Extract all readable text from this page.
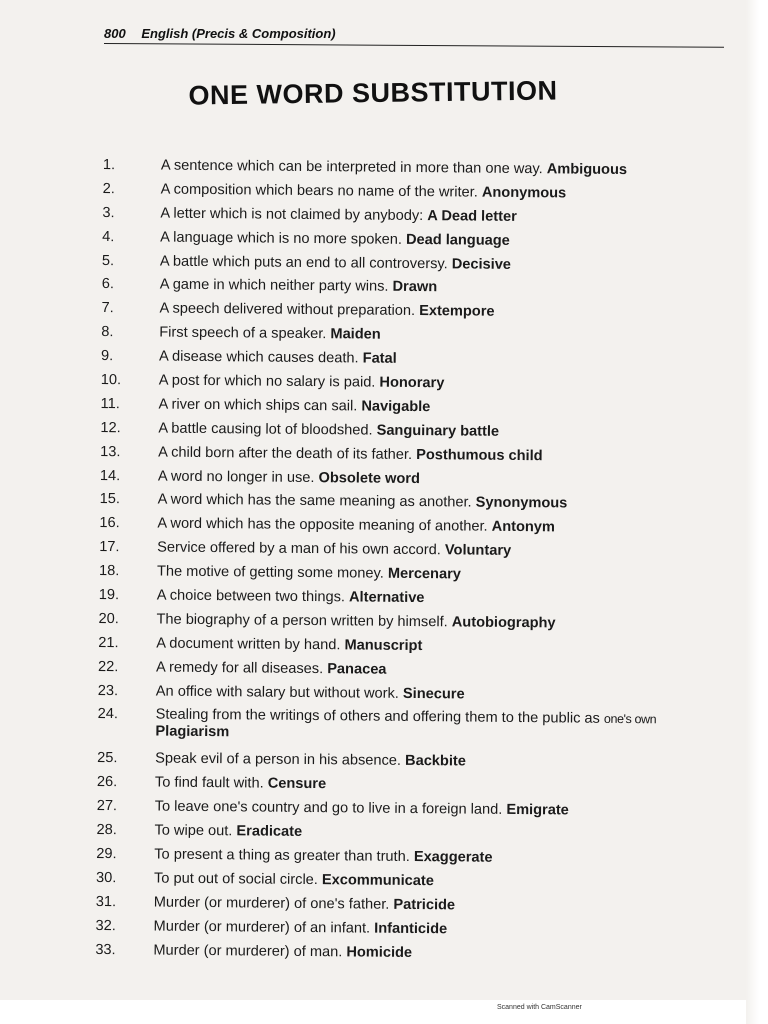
800 English (Precis & Composition)
ONE WORD SUBSTITUTION
1.	A sentence which can be interpreted in more than one way. Ambiguous
2.	A composition which bears no name of the writer. Anonymous
3.	A letter which is not claimed by anybody: A Dead letter
4.	A language which is no more spoken. Dead language
5.	A battle which puts an end to all controversy. Decisive
6.	A game in which neither party wins. Drawn
7.	A speech delivered without preparation. Extempore
8.	First speech of a speaker. Maiden
9.	A disease which causes death. Fatal
10.	A post for which no salary is paid. Honorary
11.	A river on which ships can sail. Navigable
12.	A battle causing lot of bloodshed. Sanguinary battle
13.	A child born after the death of its father. Posthumous child
14.	A word no longer in use. Obsolete word
15.	A word which has the same meaning as another. Synonymous
16.	A word which has the opposite meaning of another. Antonym
17.	Service offered by a man of his own accord. Voluntary
18.	The motive of getting some money. Mercenary
19.	A choice between two things. Alternative
20.	The biography of a person written by himself. Autobiography
21.	A document written by hand. Manuscript
22.	A remedy for all diseases. Panacea
23.	An office with salary but without work. Sinecure
24.	Stealing from the writings of others and offering them to the public as one's own
Plagiarism
25.	Speak evil of a person in his absence. Backbite
26.	To find fault with. Censure
27.	To leave one's country and go to live in a foreign land. Emigrate
28.	To wipe out. Eradicate
29.	To present a thing as greater than truth. Exaggerate
30.	To put out of social circle. Excommunicate
31.	Murder (or murderer) of one's father. Patricide
32.	Murder (or murderer) of an infant. Infanticide
33.	Murder (or murderer) of man. Homicide
Scanned with CamScanner
